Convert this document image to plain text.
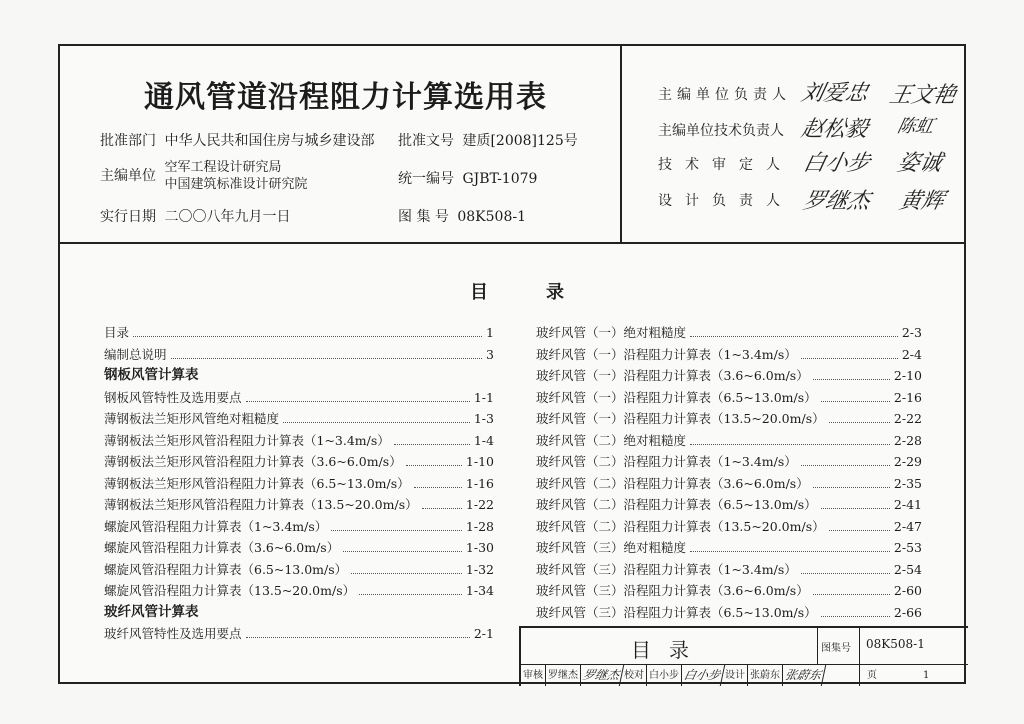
通风管道沿程阻力计算选用表
批准部门 中华人民共和国住房与城乡建设部 批准文号 建质[2008]125号
主编单位 空军工程设计研究局
中国建筑标准设计研究院	统一编号 GJBT-1079
实行日期 二〇〇八年九月一日	图 集 号 08K508-1
主编单位负责人 刘爱忠 王文艳
主编单位技术负责人 赵松毅 陈虹
技术审定人 白小步 姿诚
设计负责人 罗继杰 黄辉
目	录
目录	1
编制总说明	3
钢板风管计算表
钢板风管特性及选用要点	1-1
薄钢板法兰矩形风管绝对粗糙度	1-3
薄钢板法兰矩形风管沿程阻力计算表（1~3.4m/s）	1-4
薄钢板法兰矩形风管沿程阻力计算表（3.6~6.0m/s）	1-10
薄钢板法兰矩形风管沿程阻力计算表（6.5~13.0m/s）	1-16
薄钢板法兰矩形风管沿程阻力计算表（13.5~20.0m/s）	1-22
螺旋风管沿程阻力计算表（1~3.4m/s）	1-28
螺旋风管沿程阻力计算表（3.6~6.0m/s）	1-30
螺旋风管沿程阻力计算表（6.5~13.0m/s）	1-32
螺旋风管沿程阻力计算表（13.5~20.0m/s）	1-34
玻纤风管计算表
玻纤风管特性及选用要点	2-1
玻纤风管（一）绝对粗糙度	2-3
玻纤风管（一）沿程阻力计算表（1~3.4m/s）	2-4
玻纤风管（一）沿程阻力计算表（3.6~6.0m/s）	2-10
玻纤风管（一）沿程阻力计算表（6.5~13.0m/s）	2-16
玻纤风管（一）沿程阻力计算表（13.5~20.0m/s）	2-22
玻纤风管（二）绝对粗糙度	2-28
玻纤风管（二）沿程阻力计算表（1~3.4m/s）	2-29
玻纤风管（二）沿程阻力计算表（3.6~6.0m/s）	2-35
玻纤风管（二）沿程阻力计算表（6.5~13.0m/s）	2-41
玻纤风管（二）沿程阻力计算表（13.5~20.0m/s）	2-47
玻纤风管（三）绝对粗糙度	2-53
玻纤风管（三）沿程阻力计算表（1~3.4m/s）	2-54
玻纤风管（三）沿程阻力计算表（3.6~6.0m/s）	2-60
玻纤风管（三）沿程阻力计算表（6.5~13.0m/s）	2-66
目录	图集号 08K508-1
审核 罗继杰 罗继杰 校对 白小步 白小步 设计 张蔚东 张蔚东	页	1
